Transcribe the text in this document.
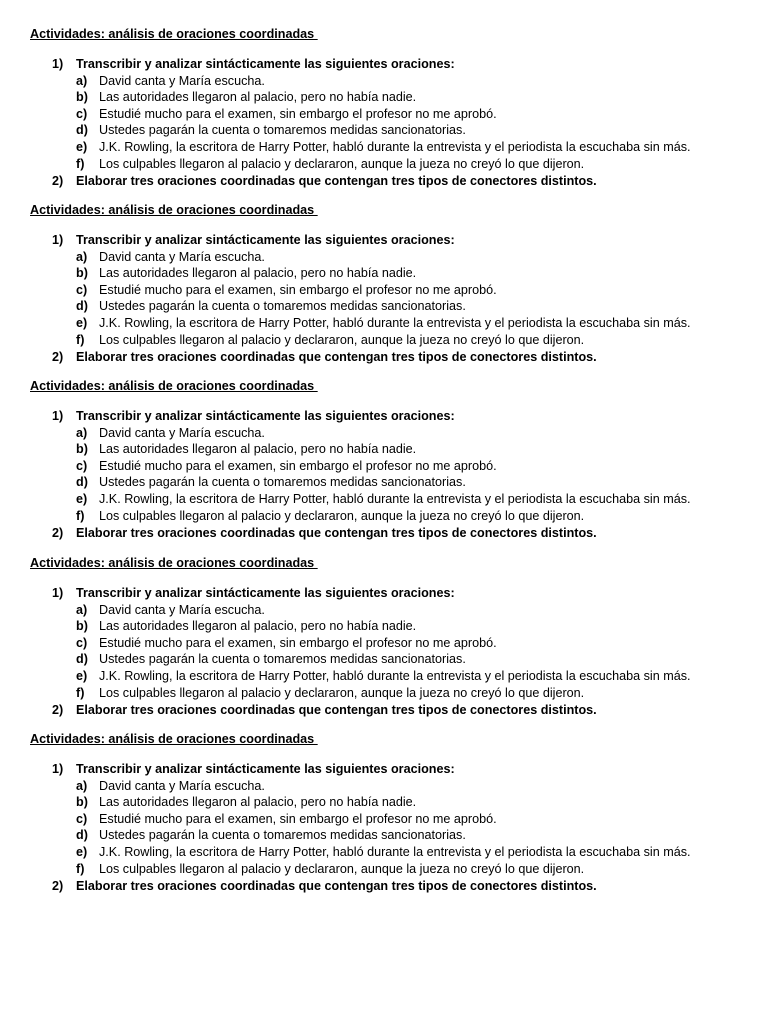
Actividades: análisis de oraciones coordinadas
1) Transcribir y analizar sintácticamente las siguientes oraciones:
a) David canta y María escucha.
b) Las autoridades llegaron al palacio, pero no había nadie.
c) Estudié mucho para el examen, sin embargo el profesor no me aprobó.
d) Ustedes pagarán la cuenta o tomaremos medidas sancionatorias.
e) J.K. Rowling, la escritora de Harry Potter, habló durante la entrevista y el periodista la escuchaba sin más.
f) Los culpables llegaron al palacio y declararon, aunque la jueza no creyó lo que dijeron.
2) Elaborar tres oraciones coordinadas que contengan tres tipos de conectores distintos.
Actividades: análisis de oraciones coordinadas
1) Transcribir y analizar sintácticamente las siguientes oraciones:
a) David canta y María escucha.
b) Las autoridades llegaron al palacio, pero no había nadie.
c) Estudié mucho para el examen, sin embargo el profesor no me aprobó.
d) Ustedes pagarán la cuenta o tomaremos medidas sancionatorias.
e) J.K. Rowling, la escritora de Harry Potter, habló durante la entrevista y el periodista la escuchaba sin más.
f) Los culpables llegaron al palacio y declararon, aunque la jueza no creyó lo que dijeron.
2) Elaborar tres oraciones coordinadas que contengan tres tipos de conectores distintos.
Actividades: análisis de oraciones coordinadas
1) Transcribir y analizar sintácticamente las siguientes oraciones:
a) David canta y María escucha.
b) Las autoridades llegaron al palacio, pero no había nadie.
c) Estudié mucho para el examen, sin embargo el profesor no me aprobó.
d) Ustedes pagarán la cuenta o tomaremos medidas sancionatorias.
e) J.K. Rowling, la escritora de Harry Potter, habló durante la entrevista y el periodista la escuchaba sin más.
f) Los culpables llegaron al palacio y declararon, aunque la jueza no creyó lo que dijeron.
2) Elaborar tres oraciones coordinadas que contengan tres tipos de conectores distintos.
Actividades: análisis de oraciones coordinadas
1) Transcribir y analizar sintácticamente las siguientes oraciones:
a) David canta y María escucha.
b) Las autoridades llegaron al palacio, pero no había nadie.
c) Estudié mucho para el examen, sin embargo el profesor no me aprobó.
d) Ustedes pagarán la cuenta o tomaremos medidas sancionatorias.
e) J.K. Rowling, la escritora de Harry Potter, habló durante la entrevista y el periodista la escuchaba sin más.
f) Los culpables llegaron al palacio y declararon, aunque la jueza no creyó lo que dijeron.
2) Elaborar tres oraciones coordinadas que contengan tres tipos de conectores distintos.
Actividades: análisis de oraciones coordinadas
1) Transcribir y analizar sintácticamente las siguientes oraciones:
a) David canta y María escucha.
b) Las autoridades llegaron al palacio, pero no había nadie.
c) Estudié mucho para el examen, sin embargo el profesor no me aprobó.
d) Ustedes pagarán la cuenta o tomaremos medidas sancionatorias.
e) J.K. Rowling, la escritora de Harry Potter, habló durante la entrevista y el periodista la escuchaba sin más.
f) Los culpables llegaron al palacio y declararon, aunque la jueza no creyó lo que dijeron.
2) Elaborar tres oraciones coordinadas que contengan tres tipos de conectores distintos.
